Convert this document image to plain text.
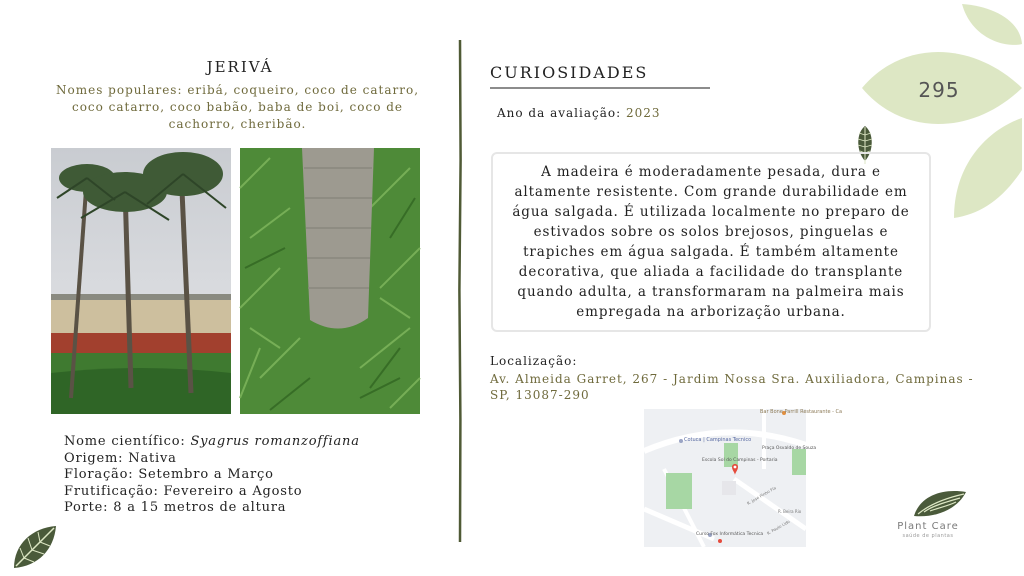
295
JERIVÁ
Nomes populares: eribá, coqueiro, coco de catarro, coco catarro, coco babão, baba de boi, coco de cachorro, cheribão.
Nome científico: Syagrus romanzoffiana
Origem: Nativa
Floração: Setembro a Março
Frutificação: Fevereiro a Agosto
Porte: 8 a 15 metros de altura
CURIOSIDADES
Ano da avaliação: 2023
A madeira é moderadamente pesada, dura e altamente resistente. Com grande durabilidade em água salgada. É utilizada localmente no preparo de estivados sobre os solos brejosos, pinguelas e trapiches em água salgada. É também altamente decorativa, que aliada a facilidade do transplante quando adulta, a transformaram na palmeira mais empregada na arborização urbana.
Localização:
Av. Almeida Garret, 267 - Jardim Nossa Sra. Auxiliadora, Campinas - SP, 13087-290
Bar Bone Parrill Restaurante - Ca
Cotuca | Campinas Tecnico
Praça Osvaldo de Souza
Escola Sol do Campinas - Portaria
Curso Fox Informática Tecnica
R. Jose Pinho Fla
R. Beira Rio
R. Paulo Lido	Plant Care
saúde de plantas
